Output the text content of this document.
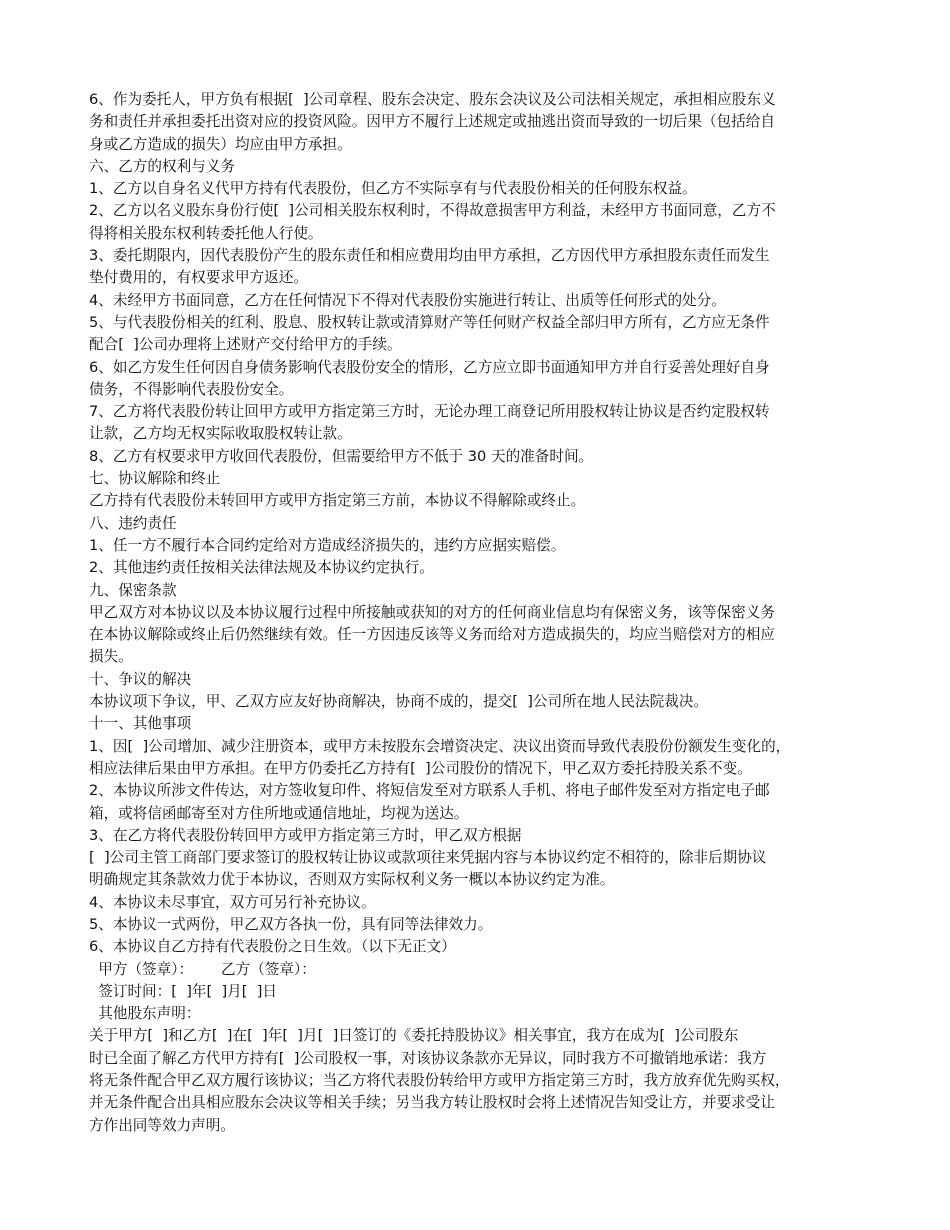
6、作为委托人，甲方负有根据[  ]公司章程、股东会决定、股东会决议及公司法相关规定，承担相应股东义

务和责任并承担委托出资对应的投资风险。因甲方不履行上述规定或抽逃出资而导致的一切后果（包括给自

身或乙方造成的损失）均应由甲方承担。

六、乙方的权利与义务

1、乙方以自身名义代甲方持有代表股份，但乙方不实际享有与代表股份相关的任何股东权益。

2、乙方以名义股东身份行使[  ]公司相关股东权利时，不得故意损害甲方利益，未经甲方书面同意，乙方不

得将相关股东权利转委托他人行使。

3、委托期限内，因代表股份产生的股东责任和相应费用均由甲方承担，乙方因代甲方承担股东责任而发生

垫付费用的，有权要求甲方返还。

4、未经甲方书面同意，乙方在任何情况下不得对代表股份实施进行转让、出质等任何形式的处分。

5、与代表股份相关的红利、股息、股权转让款或清算财产等任何财产权益全部归甲方所有，乙方应无条件

配合[  ]公司办理将上述财产交付给甲方的手续。

6、如乙方发生任何因自身债务影响代表股份安全的情形，乙方应立即书面通知甲方并自行妥善处理好自身

债务，不得影响代表股份安全。

7、乙方将代表股份转让回甲方或甲方指定第三方时，无论办理工商登记所用股权转让协议是否约定股权转

让款，乙方均无权实际收取股权转让款。

8、乙方有权要求甲方收回代表股份，但需要给甲方不低于 30 天的准备时间。

七、协议解除和终止

乙方持有代表股份未转回甲方或甲方指定第三方前，本协议不得解除或终止。

八、违约责任

1、任一方不履行本合同约定给对方造成经济损失的，违约方应据实赔偿。

2、其他违约责任按相关法律法规及本协议约定执行。

九、保密条款

甲乙双方对本协议以及本协议履行过程中所接触或获知的对方的任何商业信息均有保密义务，该等保密义务

在本协议解除或终止后仍然继续有效。任一方因违反该等义务而给对方造成损失的，均应当赔偿对方的相应

损失。

十、争议的解决

本协议项下争议，甲、乙双方应友好协商解决，协商不成的，提交[  ]公司所在地人民法院裁决。

十一、其他事项

1、因[  ]公司增加、减少注册资本，或甲方未按股东会增资决定、决议出资而导致代表股份份额发生变化的，

相应法律后果由甲方承担。在甲方仍委托乙方持有[  ]公司股份的情况下，甲乙双方委托持股关系不变。

2、本协议所涉文件传达，对方签收复印件、将短信发至对方联系人手机、将电子邮件发至对方指定电子邮

箱，或将信函邮寄至对方住所地或通信地址，均视为送达。

3、在乙方将代表股份转回甲方或甲方指定第三方时，甲乙双方根据

[  ]公司主管工商部门要求签订的股权转让协议或款项往来凭据内容与本协议约定不相符的，除非后期协议

明确规定其条款效力优于本协议，否则双方实际权利义务一概以本协议约定为准。

4、本协议未尽事宜，双方可另行补充协议。

5、本协议一式两份，甲乙双方各执一份，具有同等法律效力。

6、本协议自乙方持有代表股份之日生效。（以下无正文）

甲方（签章）：      乙方（签章）：

签订时间：[  ]年[  ]月[  ]日

其他股东声明：

关于甲方[  ]和乙方[  ]在[  ]年[  ]月[  ]日签订的《委托持股协议》相关事宜，我方在成为[  ]公司股东

时已全面了解乙方代甲方持有[  ]公司股权一事，对该协议条款亦无异议，同时我方不可撤销地承诺：我方

将无条件配合甲乙双方履行该协议；当乙方将代表股份转给甲方或甲方指定第三方时，我方放弃优先购买权，

并无条件配合出具相应股东会决议等相关手续；另当我方转让股权时会将上述情况告知受让方，并要求受让

方作出同等效力声明。
